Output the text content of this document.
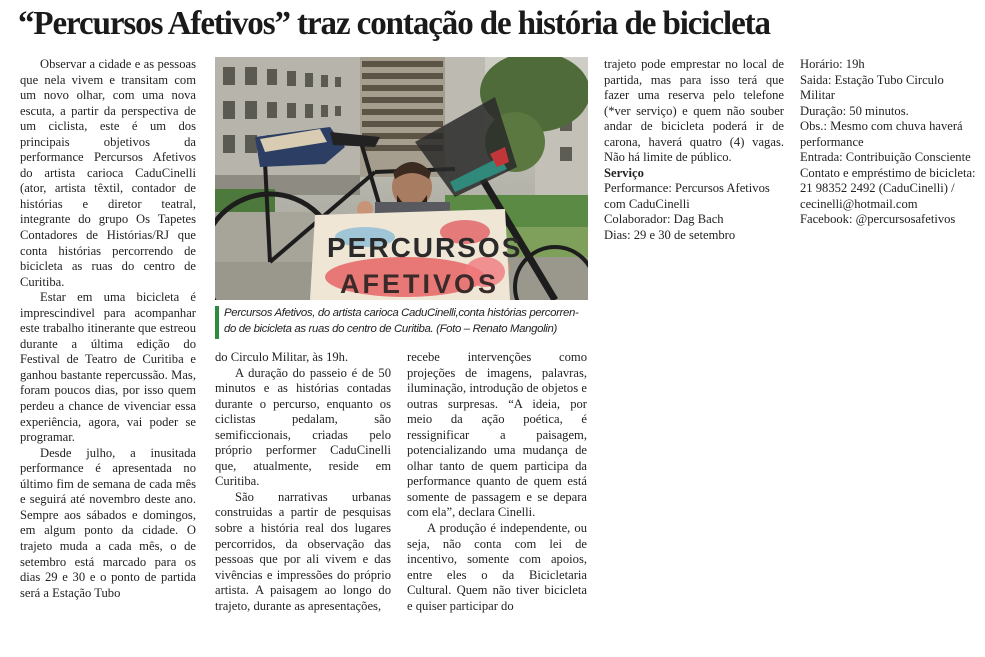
“Percursos Afetivos” traz contação de história de bicicleta

Observar a cidade e as pessoas que nela vivem e transitam com um novo olhar, com uma nova escuta, a partir da perspectiva de um ciclista, este é um dos principais objetivos da performance Percursos Afetivos do artista carioca CaduCinelli (ator, artista têxtil, contador de histórias e diretor teatral, integrante do grupo Os Tapetes Contadores de Histórias/RJ que conta histórias percorrendo de bicicleta as ruas do centro de Curitiba.

Estar em uma bicicleta é imprescindivel para acompanhar este trabalho itinerante que estreou durante a última edição do Festival de Teatro de Curitiba e ganhou bastante repercussão. Mas, foram poucos dias, por isso quem perdeu a chance de vivenciar essa experiência, agora, vai poder se programar.

Desde julho, a inusitada performance é apresentada no último fim de semana de cada mês e seguirá até novembro deste ano. Sempre aos sábados e domingos, em algum ponto da cidade. O trajeto muda a cada mês, o de setembro está marcado para os dias 29 e 30 e o ponto de partida será a Estação Tubo

PERCURSOS
AFETIVOS
Percursos Afetivos, do artista carioca CaduCinelli,conta histórias percorren-
do de bicicleta as ruas do centro de Curitiba. (Foto – Renato Mangolin)

do Circulo Militar, às 19h.

A duração do passeio é de 50 minutos e as histórias contadas durante o percurso, enquanto os ciclistas pedalam, são semificcionais, criadas pelo próprio performer CaduCinelli que, atualmente, reside em Curitiba.

São narrativas urbanas construidas a partir de pesquisas sobre a história real dos lugares percorridos, da observação das pessoas que por ali vivem e das vivências e impressões do próprio artista. A paisagem ao longo do trajeto, durante as apresentações,

recebe intervenções como projeções de imagens, palavras, iluminação, introdução de objetos e outras surpresas. “A ideia, por meio da ação poética, é ressignificar a paisagem, potencializando uma mudança de olhar tanto de quem participa da performance quanto de quem está somente de passagem e se depara com ela”, declara Cinelli.

A produção é independente, ou seja, não conta com lei de incentivo, somente com apoios, entre eles o da Bicicletaria Cultural. Quem não tiver bicicleta e quiser participar do

trajeto pode emprestar no local de partida, mas para isso terá que fazer uma reserva pelo telefone (*ver serviço) e quem não souber andar de bicicleta poderá ir de carona, haverá quatro (4) vagas. Não há limite de público.

Serviço

Performance: Percursos Afetivos com CaduCinelli

Colaborador: Dag Bach

Dias: 29 e 30 de setembro

Horário: 19h

Saida: Estação Tubo Circulo Militar

Duração: 50 minutos.

Obs.: Mesmo com chuva haverá performance

Entrada: Contribuição Consciente

Contato e empréstimo de bicicleta: 21 98352 2492 (CaduCinelli) / cecinelli@hotmail.com

Facebook: @percursosafetivos
